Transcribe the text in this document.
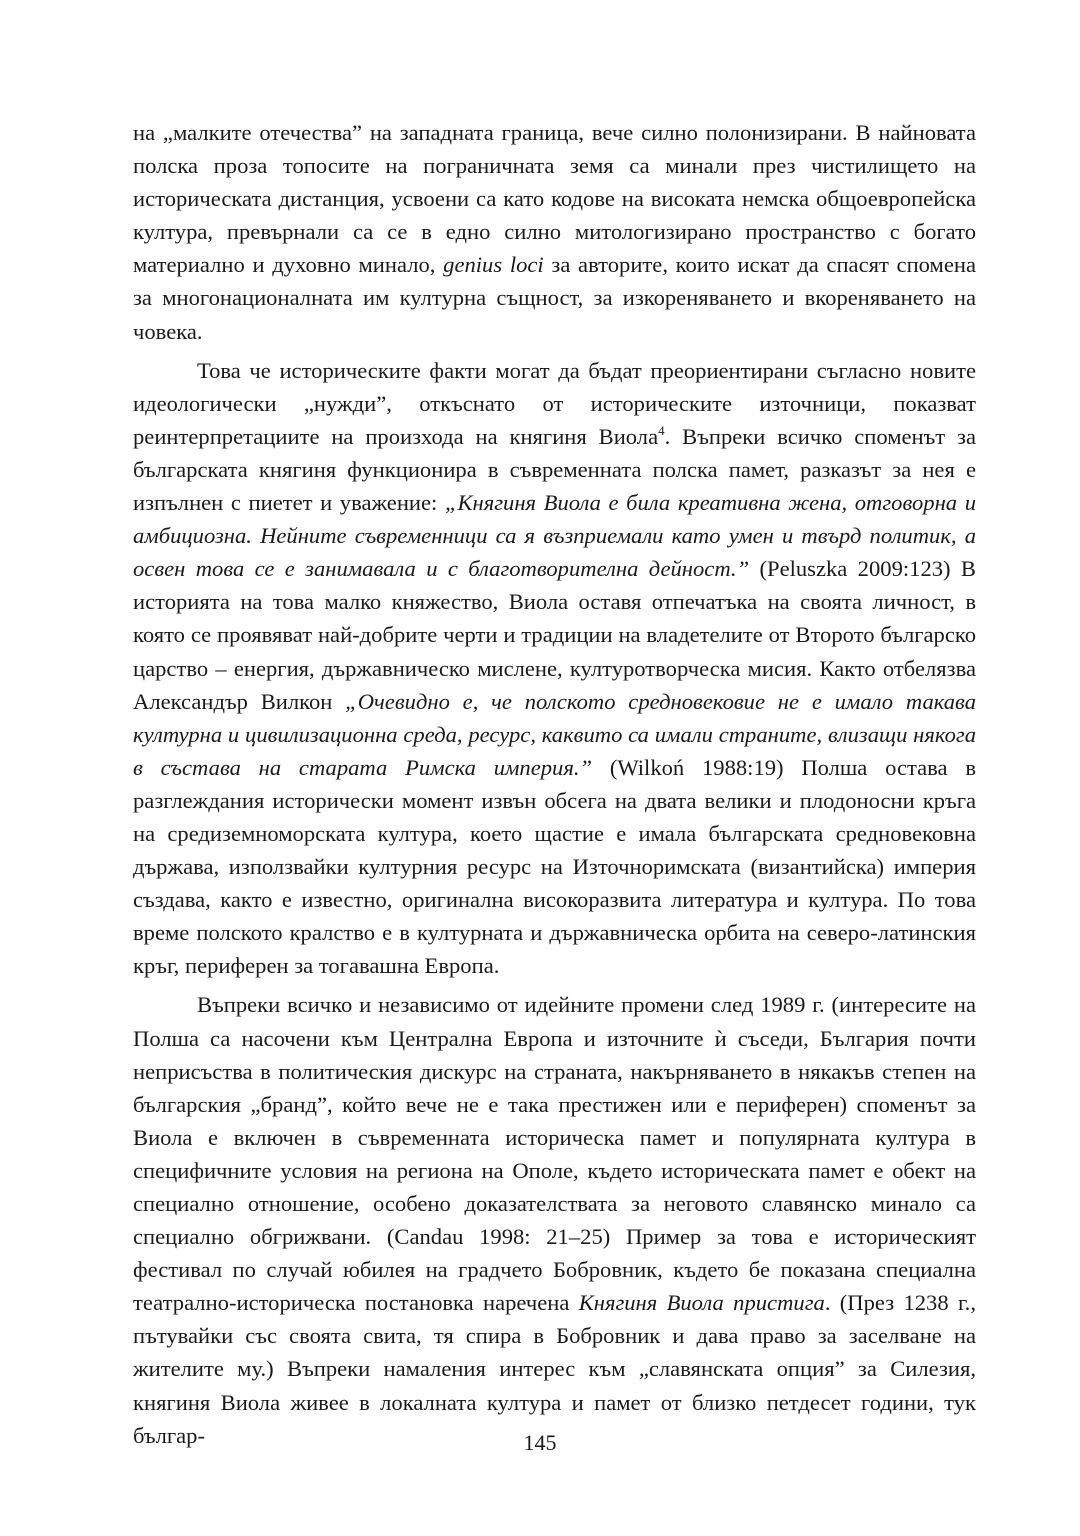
на „малките отечества” на западната граница, вече силно полонизирани. В найновата полска проза топосите на пограничната земя са минали през чистилището на историческата дистанция, усвоени са като кодове на високата немска общоевропейска култура, превърнали са се в едно силно митологизирано пространство с богато материално и духовно минало, genius loci за авторите, които искат да спасят спомена за многонационалната им културна същност, за изкореняването и вкореняването на човека.

Това че историческите факти могат да бъдат преориентирани съгласно новите идеологически „нужди”, откъснато от историческите източници, показват реинтерпретациите на произхода на княгиня Виола$^4$. Въпреки всичко споменът за българската княгиня функционира в съвременната полска памет, разказът за нея е изпълнен с пиетет и уважение: „Княгиня Виола е била креативна жена, отговорна и амбициозна. Нейните съвременници са я възприемали като умен и твърд политик, а освен това се е занимавала и с благотворителна дейност.” (Peluszka 2009:123) В историята на това малко княжество, Виола оставя отпечатъка на своята личност, в която се проявяват най-добрите черти и традиции на владетелите от Второто българско царство – енергия, държавническо мислене, културотворческа мисия. Както отбелязва Александър Вилкон „Очевидно е, че полското средновековие не е имало такава културна и цивилизационна среда, ресурс, каквито са имали страните, влизащи някога в състава на старата Римска империя.” (Wilkoń 1988:19) Полша остава в разглеждания исторически момент извън обсега на двата велики и плодоносни кръга на средиземноморската култура, което щастие е имала българската средновековна държава, използвайки културния ресурс на Източноримската (византийска) империя създава, както е известно, оригинална високоразвита литература и култура. По това време полското кралство е в културната и държавническа орбита на северо-латинския кръг, периферен за тогавашна Европа.

Въпреки всичко и независимо от идейните промени след 1989 г. (интересите на Полша са насочени към Централна Европа и източните ѝ съседи, България почти неприсъства в политическия дискурс на страната, накърняването в някакъв степен на българския „бранд”, който вече не е така престижен или е периферен) споменът за Виола е включен в съвременната историческа памет и популярната култура в специфичните условия на региона на Ополе, където историческата памет е обект на специално отношение, особено доказателствата за неговото славянско минало са специално обгрижвани. (Candau 1998: 21–25) Пример за това е историческият фестивал по случай юбилея на градчето Бобровник, където бе показана специална театрално-историческа постановка наречена Княгиня Виола пристига. (През 1238 г., пътувайки със своята свита, тя спира в Бобровник и дава право за заселване на жителите му.) Въпреки намаления интерес към „славянската опция” за Силезия, княгиня Виола живее в локалната култура и памет от близко петдесет години, тук българ-	145
